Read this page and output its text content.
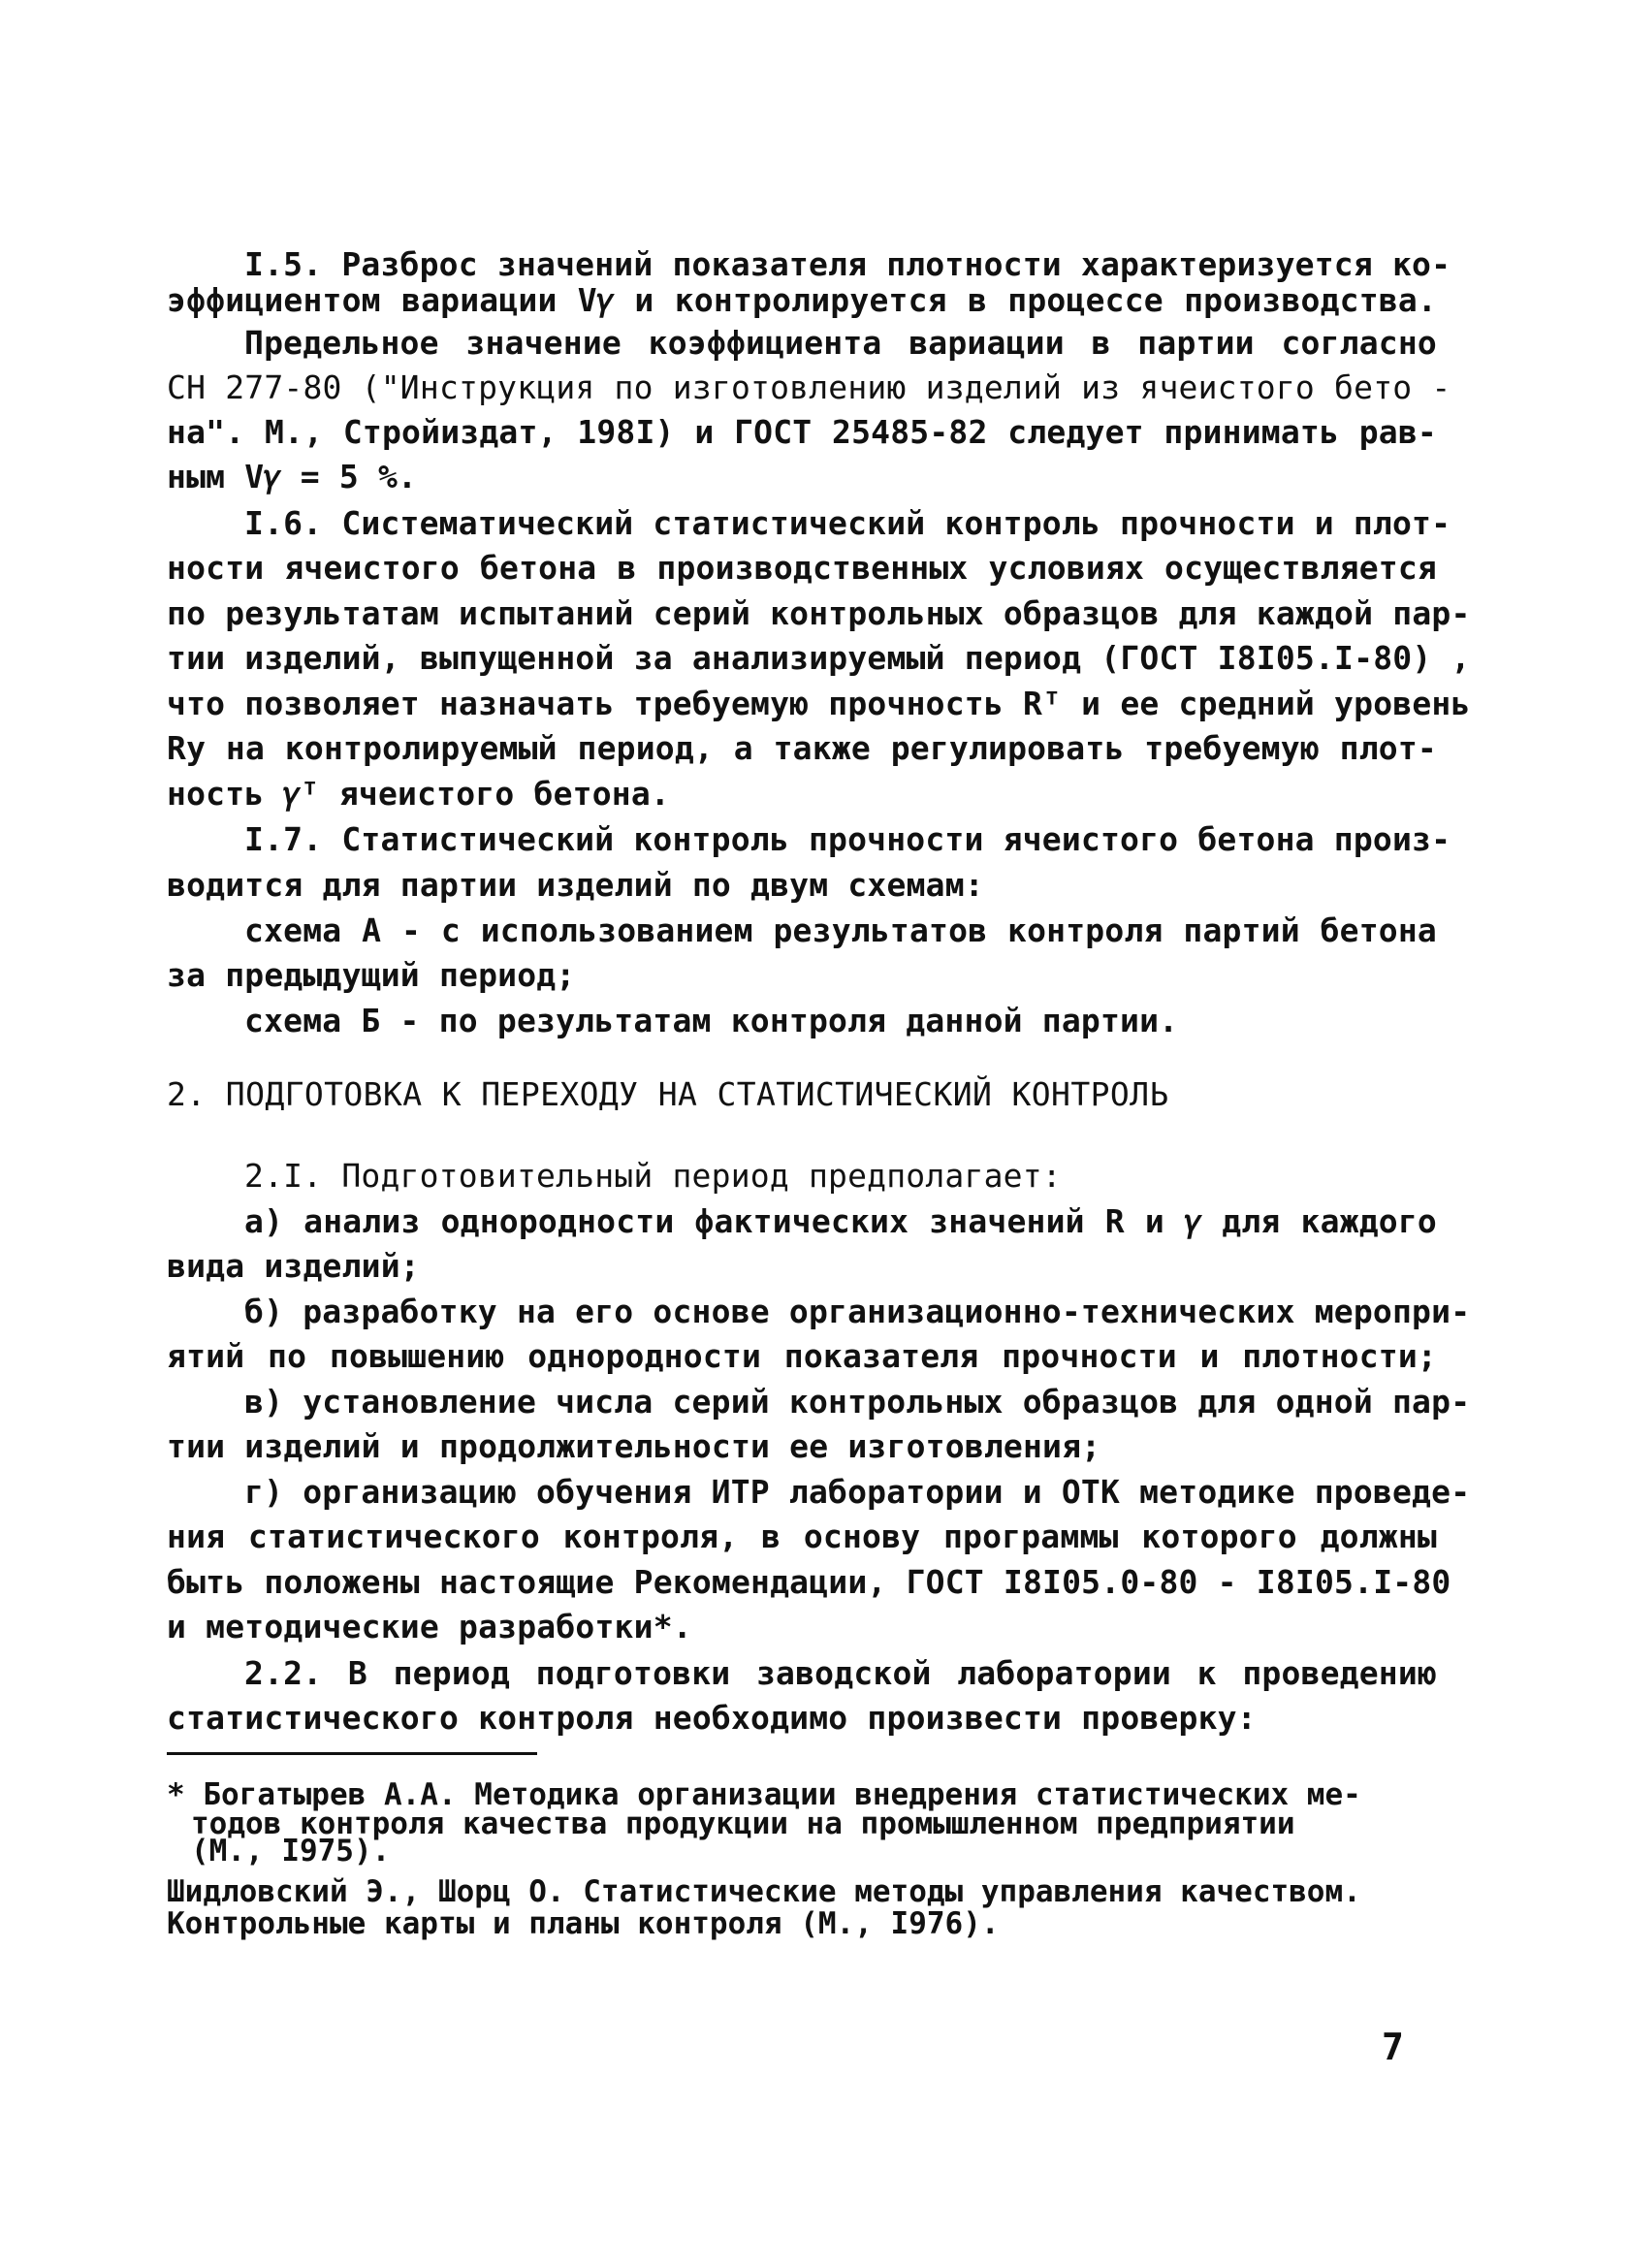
І.5. Разброс значений показателя плотности характеризуется ко-
эффициентом вариации V𝛾 и контролируется в процессе производства.
Предельное значение коэффициента вариации в партии согласно
СН 277-80 ("Инструкция по изготовлению изделий из ячеистого бето -
на". М., Стройиздат, 198І) и ГОСТ 25485-82 следует принимать рав-
ным V𝛾 = 5 %.
І.6. Систематический статистический контроль прочности и плот-
ности ячеистого бетона в производственных условиях осуществляется
по результатам испытаний серий контрольных образцов для каждой пар-
тии изделий, выпущенной за анализируемый период (ГОСТ І8І05.І-80) ,
что позволяет назначать требуемую прочность Rᵀ и ее средний уровень
Rу на контролируемый период, а также регулировать требуемую плот-
ность 𝛾ᵀ ячеистого бетона.
І.7. Статистический контроль прочности ячеистого бетона произ-
водится для партии изделий по двум схемам:
схема А - с использованием результатов контроля партий бетона
за предыдущий период;
схема Б - по результатам контроля данной партии.
2. ПОДГОТОВКА К ПЕРЕХОДУ НА СТАТИСТИЧЕСКИЙ КОНТРОЛЬ
2.І. Подготовительный период предполагает:
а) анализ однородности фактических значений R и 𝛾 для каждого
вида изделий;
б) разработку на его основе организационно-технических меропри-
ятий по повышению однородности показателя прочности и плотности;
в) установление числа серий контрольных образцов для одной пар-
тии изделий и продолжительности ее изготовления;
г) организацию обучения ИТР лаборатории и ОТК методике проведе-
ния статистического контроля, в основу программы которого должны
быть положены настоящие Рекомендации, ГОСТ І8І05.0-80 - І8І05.І-80
и методические разработки*.
2.2. В период подготовки заводской лаборатории к проведению
статистического контроля необходимо произвести проверку:
* Богатырев А.А. Методика организации внедрения статистических ме-
тодов контроля качества продукции на промышленном предприятии
(М., І975).
Шидловский Э., Шорц О. Статистические методы управления качеством.
Контрольные карты и планы контроля (М., І976).
7
